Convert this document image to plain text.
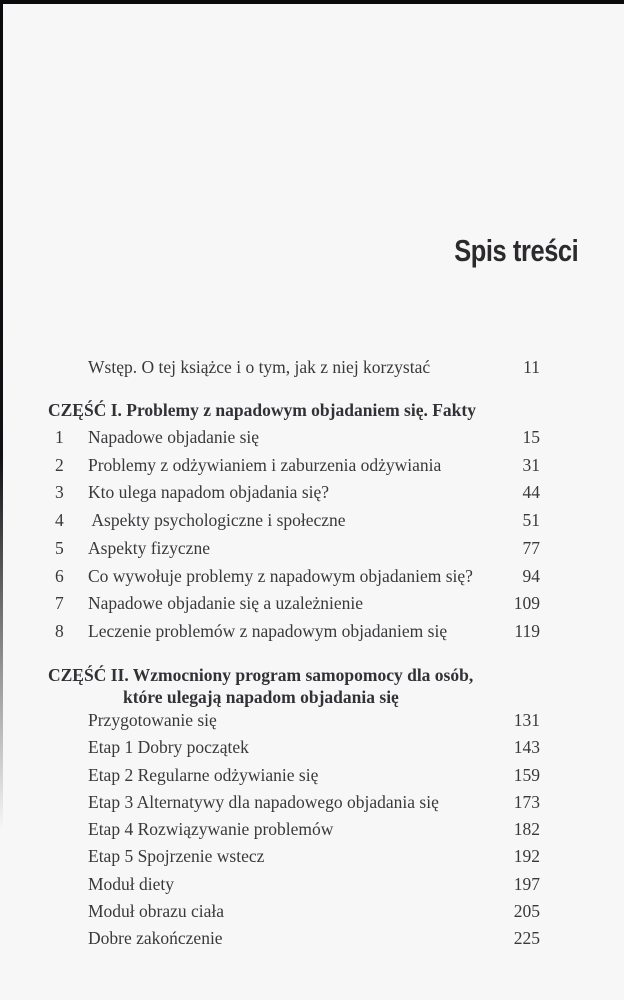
Spis treści
Wstęp. O tej książce i o tym, jak z niej korzystać	11
CZĘŚĆ I. Problemy z napadowym objadaniem się. Fakty
1 Napadowe objadanie się	15
2 Problemy z odżywianiem i zaburzenia odżywiania	31
3 Kto ulega napadom objadania się?	44
4 Aspekty psychologiczne i społeczne	51
5 Aspekty fizyczne	77
6 Co wywołuje problemy z napadowym objadaniem się?	94
7 Napadowe objadanie się a uzależnienie	109
8 Leczenie problemów z napadowym objadaniem się	119
CZĘŚĆ II. Wzmocniony program samopomocy dla osób,
które ulegają napadom objadania się
Przygotowanie się	131
Etap 1 Dobry początek	143
Etap 2 Regularne odżywianie się	159
Etap 3 Alternatywy dla napadowego objadania się	173
Etap 4 Rozwiązywanie problemów	182
Etap 5 Spojrzenie wstecz	192
Moduł diety	197
Moduł obrazu ciała	205
Dobre zakończenie	225
